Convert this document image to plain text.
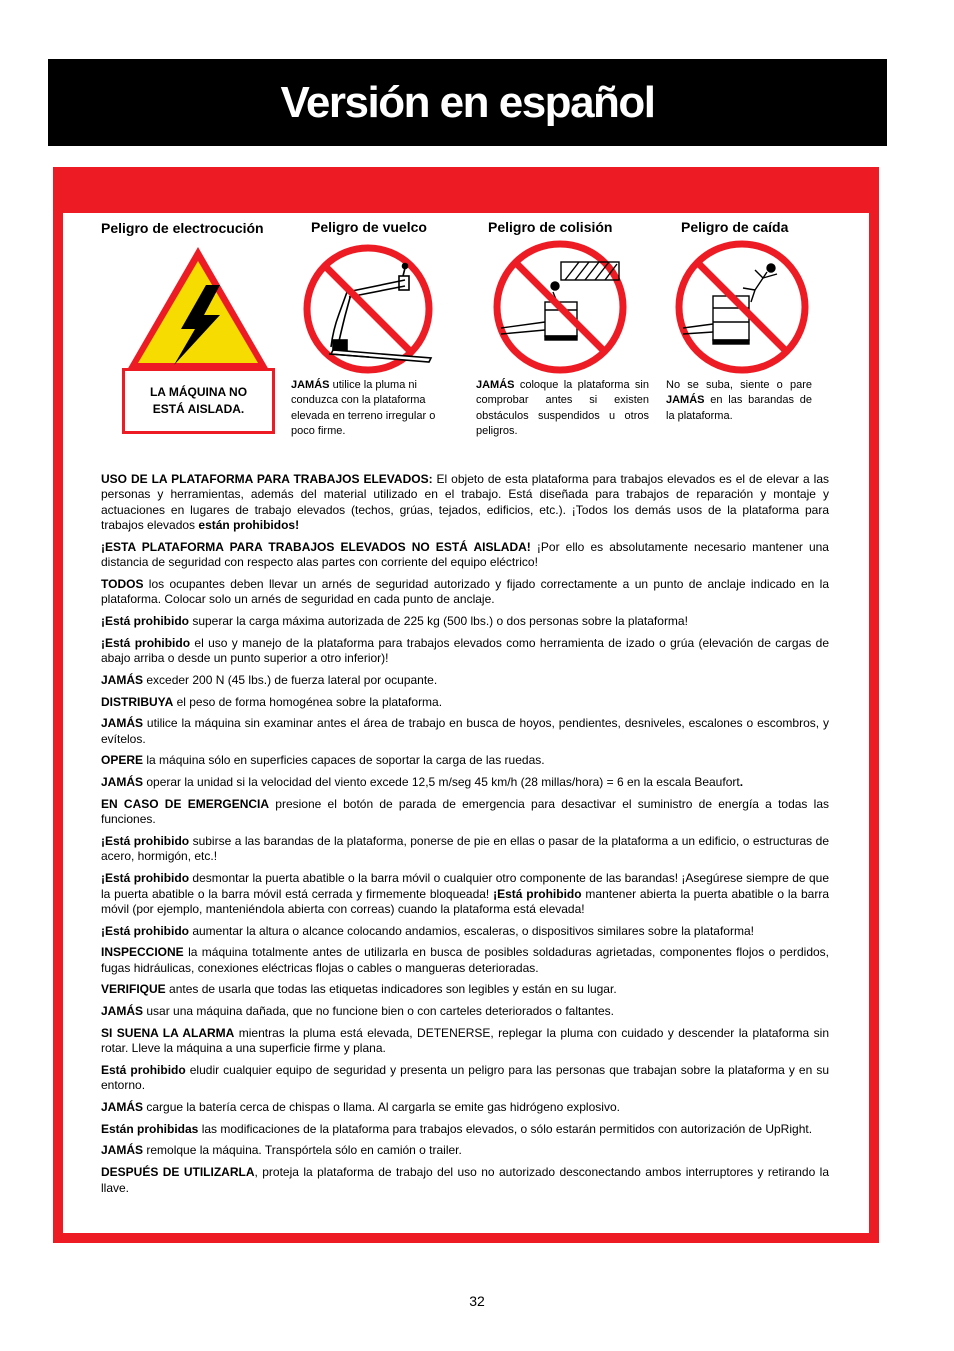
Versión en español
Peligro de electrocución	Peligro de vuelco	Peligro de colisión	Peligro de caída
LA MÁQUINA NO
ESTÁ AISLADA.
JAMÁS utilice la pluma ni conduzca con la plataforma elevada en terreno irregular o poco firme.
JAMÁS coloque la plataforma sin comprobar antes si existen obstáculos suspendidos u otros peligros.
No se suba, siente o pare JAMÁS en las barandas de la plataforma.

USO DE LA PLATAFORMA PARA TRABAJOS ELEVADOS: El objeto de esta plataforma para trabajos elevados es el de elevar a las personas y herramientas, además del material utilizado en el trabajo. Está diseñada para trabajos de reparación y montaje y actuaciones en lugares de trabajo elevados (techos, grúas, tejados, edificios, etc.). ¡Todos los demás usos de la plataforma para trabajos elevados están prohibidos!

¡ESTA PLATAFORMA PARA TRABAJOS ELEVADOS NO ESTÁ AISLADA! ¡Por ello es absolutamente necesario mantener una distancia de seguridad con respecto alas partes con corriente del equipo eléctrico!

TODOS los ocupantes deben llevar un arnés de seguridad autorizado y fijado correctamente a un punto de anclaje indicado en la plataforma. Colocar solo un arnés de seguridad en cada punto de anclaje.

¡Está prohibido superar la carga máxima autorizada de 225 kg (500 lbs.) o dos personas sobre la plataforma!

¡Está prohibido el uso y manejo de la plataforma para trabajos elevados como herramienta de izado o grúa (elevación de cargas de abajo arriba o desde un punto superior a otro inferior)!

JAMÁS exceder 200 N (45 lbs.) de fuerza lateral por ocupante.

DISTRIBUYA el peso de forma homogénea sobre la plataforma.

JAMÁS utilice la máquina sin examinar antes el área de trabajo en busca de hoyos, pendientes, desniveles, escalones o escombros, y evítelos.

OPERE la máquina sólo en superficies capaces de soportar la carga de las ruedas.

JAMÁS operar la unidad si la velocidad del viento excede 12,5 m/seg 45 km/h (28 millas/hora) = 6 en la escala Beaufort.

EN CASO DE EMERGENCIA presione el botón de parada de emergencia para desactivar el suministro de energía a todas las funciones.

¡Está prohibido subirse a las barandas de la plataforma, ponerse de pie en ellas o pasar de la plataforma a un edificio, o estructuras de acero, hormigón, etc.!

¡Está prohibido desmontar la puerta abatible o la barra móvil o cualquier otro componente de las barandas! ¡Asegúrese siempre de que la puerta abatible o la barra móvil está cerrada y firmemente bloqueada! ¡Está prohibido mantener abierta la puerta abatible o la barra móvil (por ejemplo, manteniéndola abierta con correas) cuando la plataforma está elevada!

¡Está prohibido aumentar la altura o alcance colocando andamios, escaleras, o dispositivos similares sobre la plataforma!

INSPECCIONE la máquina totalmente antes de utilizarla en busca de posibles soldaduras agrietadas, componentes flojos o perdidos, fugas hidráulicas, conexiones eléctricas flojas o cables o mangueras deterioradas.

VERIFIQUE antes de usarla que todas las etiquetas indicadores son legibles y están en su lugar.

JAMÁS usar una máquina dañada, que no funcione bien o con carteles deteriorados o faltantes.

SI SUENA LA ALARMA mientras la pluma está elevada, DETENERSE, replegar la pluma con cuidado y descender la plataforma sin rotar. Lleve la máquina a una superficie firme y plana.

Está prohibido eludir cualquier equipo de seguridad y presenta un peligro para las personas que trabajan sobre la plataforma y en su entorno.

JAMÁS cargue la batería cerca de chispas o llama. Al cargarla se emite gas hidrógeno explosivo.

Están prohibidas las modificaciones de la plataforma para trabajos elevados, o sólo estarán permitidos con autorización de UpRight.

JAMÁS remolque la máquina. Transpórtela sólo en camión o trailer.

DESPUÉS DE UTILIZARLA, proteja la plataforma de trabajo del uso no autorizado desconectando ambos interruptores y retirando la llave.

32
